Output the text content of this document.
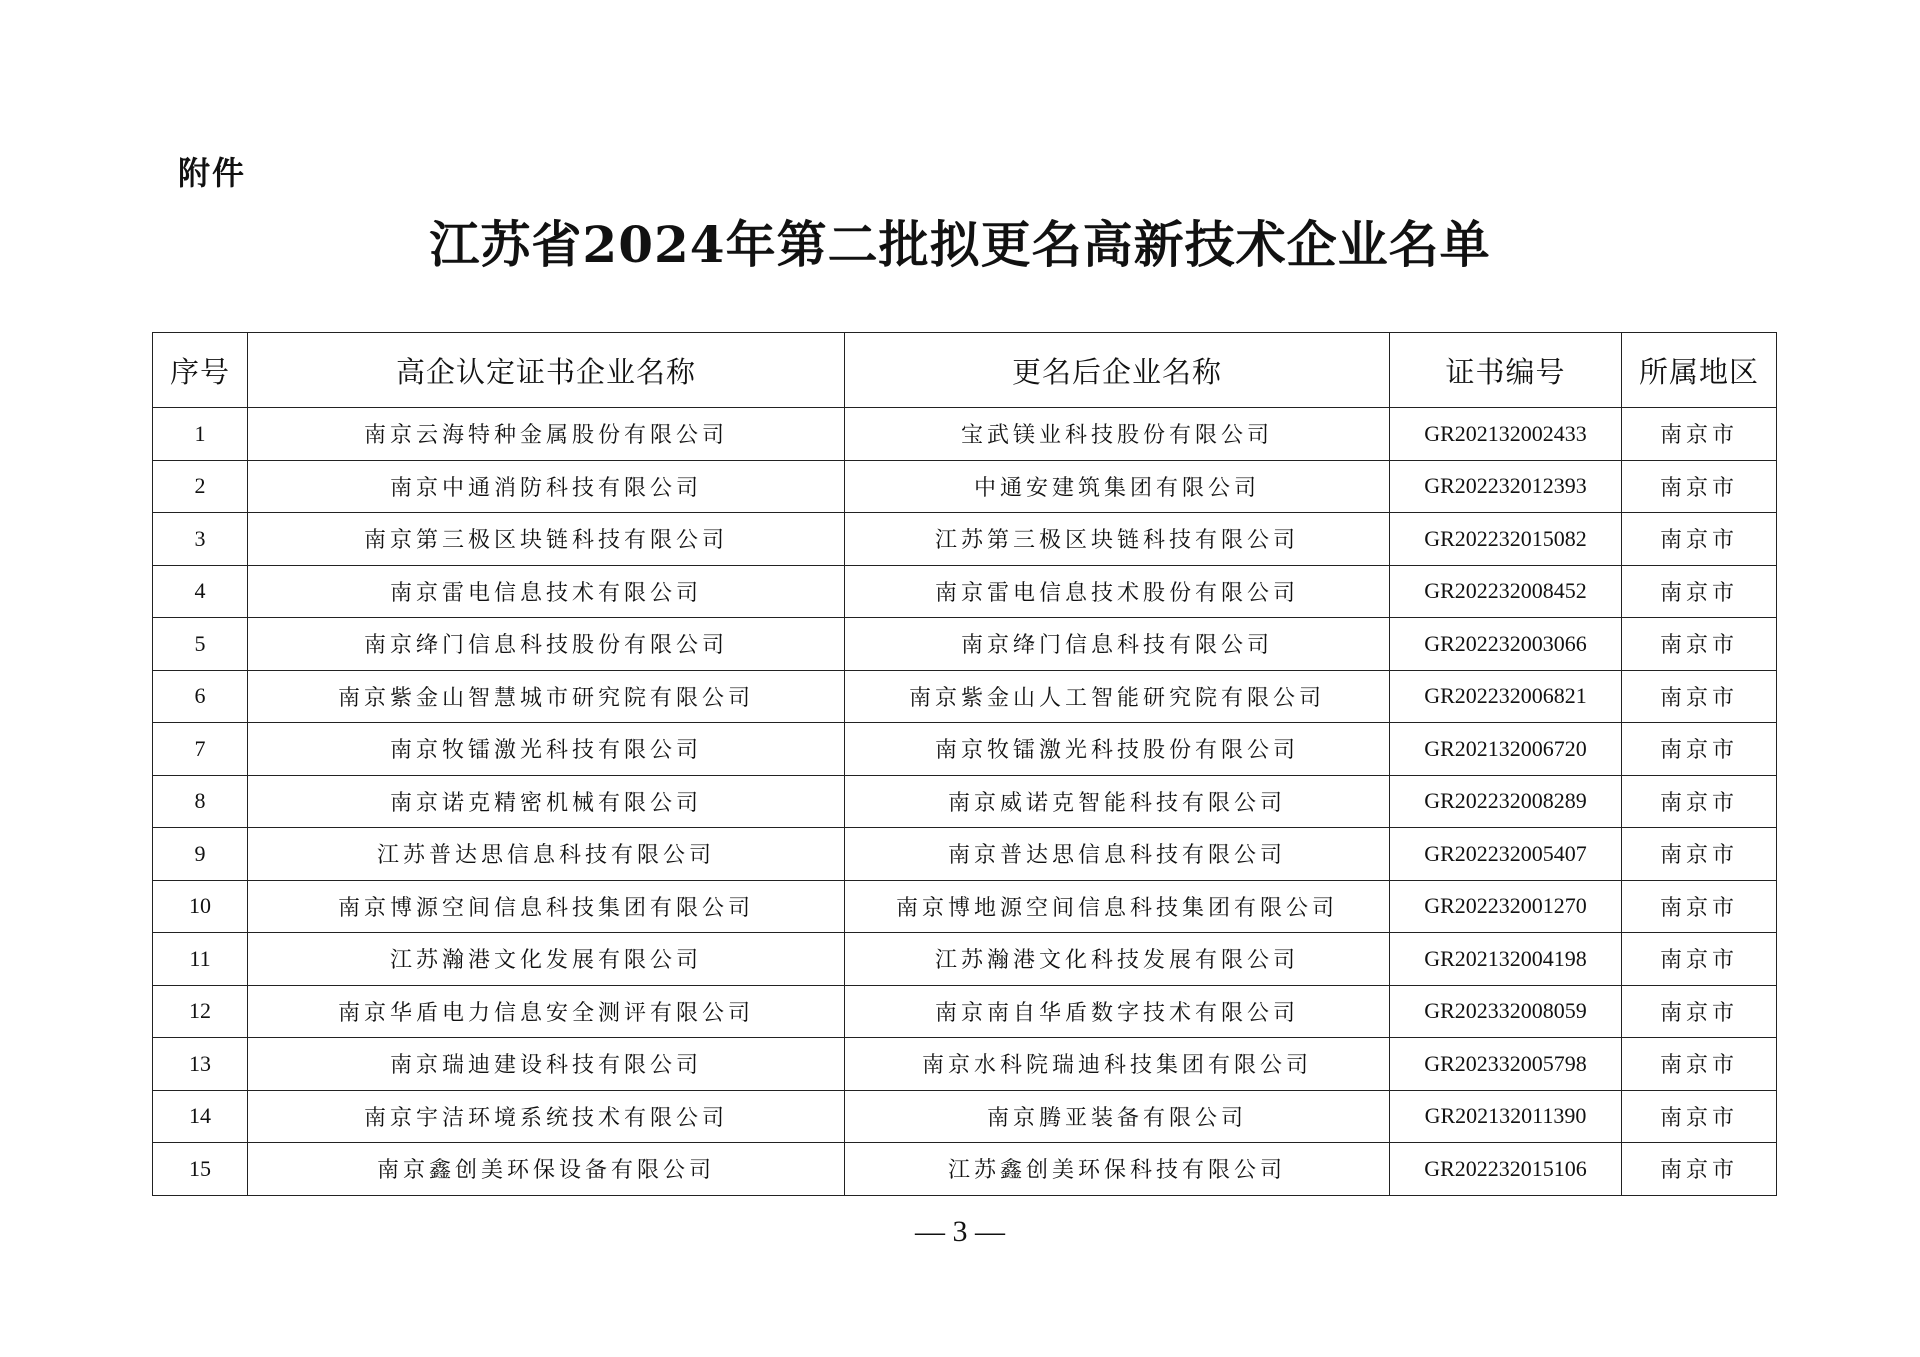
附件
江苏省2024年第二批拟更名高新技术企业名单
序号	高企认定证书企业名称	更名后企业名称	证书编号	所属地区
1	南京云海特种金属股份有限公司	宝武镁业科技股份有限公司	GR202132002433	南京市
2	南京中通消防科技有限公司	中通安建筑集团有限公司	GR202232012393	南京市
3	南京第三极区块链科技有限公司	江苏第三极区块链科技有限公司	GR202232015082	南京市
4	南京雷电信息技术有限公司	南京雷电信息技术股份有限公司	GR202232008452	南京市
5	南京绛门信息科技股份有限公司	南京绛门信息科技有限公司	GR202232003066	南京市
6	南京紫金山智慧城市研究院有限公司	南京紫金山人工智能研究院有限公司	GR202232006821	南京市
7	南京牧镭激光科技有限公司	南京牧镭激光科技股份有限公司	GR202132006720	南京市
8	南京诺克精密机械有限公司	南京威诺克智能科技有限公司	GR202232008289	南京市
9	江苏普达思信息科技有限公司	南京普达思信息科技有限公司	GR202232005407	南京市
10	南京博源空间信息科技集团有限公司	南京博地源空间信息科技集团有限公司	GR202232001270	南京市
11	江苏瀚港文化发展有限公司	江苏瀚港文化科技发展有限公司	GR202132004198	南京市
12	南京华盾电力信息安全测评有限公司	南京南自华盾数字技术有限公司	GR202332008059	南京市
13	南京瑞迪建设科技有限公司	南京水科院瑞迪科技集团有限公司	GR202332005798	南京市
14	南京宇洁环境系统技术有限公司	南京腾亚装备有限公司	GR202132011390	南京市
15	南京鑫创美环保设备有限公司	江苏鑫创美环保科技有限公司	GR202232015106	南京市
— 3 —
